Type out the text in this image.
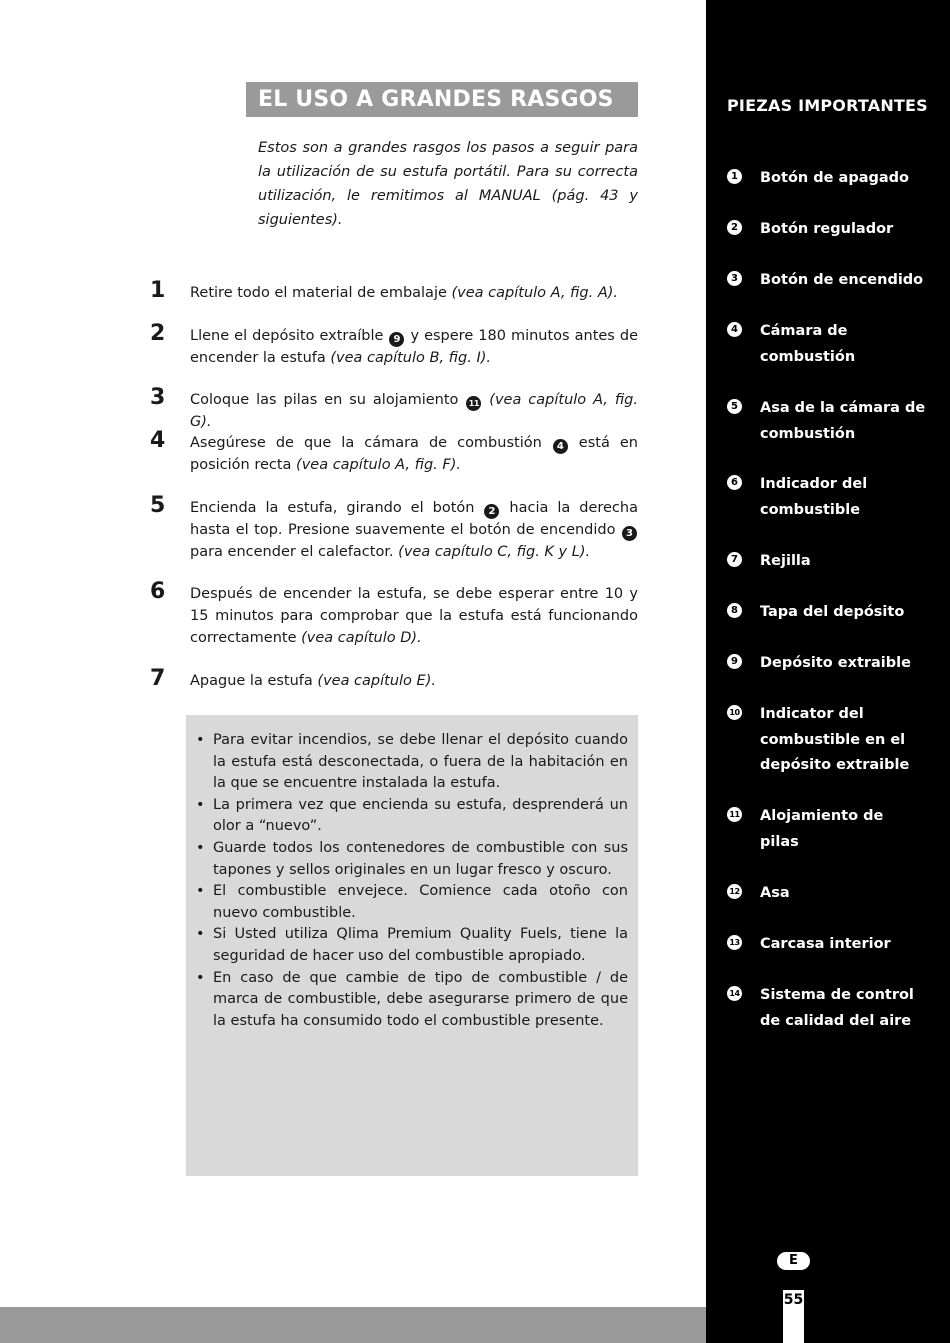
EL USO A GRANDES RASGOS

Estos son a grandes rasgos los pasos a seguir para la utilización de su estufa portátil. Para su correcta utilización, le remitimos al MANUAL (pág. 43 y siguientes).

1	Retire todo el material de embalaje (vea capítulo A, fig. A).
2	Llene el depósito extraíble 9 y espere 180 minutos antes de encender la estufa (vea capítulo B, fig. I).
3	Coloque las pilas en su alojamiento 11 (vea capítulo A, fig. G).
4	Asegúrese de que la cámara de combustión 4 está en posición recta (vea capítulo A, fig. F).
5	Encienda la estufa, girando el botón 2 hacia la derecha hasta el top. Presione suavemente el botón de encendido 3 para encender el calefactor. (vea capítulo C, fig. K y L).
6	Después de encender la estufa, se debe esperar entre 10 y 15 minutos para comprobar que la estufa está funcionando correctamente (vea capítulo D).
7	Apague la estufa (vea capítulo E).
• Para evitar incendios, se debe llenar el depósito cuando la estufa está desconectada, o fuera de la habitación en la que se encuentre instalada la estufa.
• La primera vez que encienda su estufa, desprenderá un olor a “nuevo”.
• Guarde todos los contenedores de combustible con sus tapones y sellos originales en un lugar fresco y oscuro.
• El combustible envejece. Comience cada otoño con nuevo combustible.
• Si Usted utiliza Qlima Premium Quality Fuels, tiene la seguridad de hacer uso del combustible apropiado.
• En caso de que cambie de tipo de combustible / de marca de combustible, debe asegurarse primero de que la estufa ha consumido todo el combustible presente.
PIEZAS IMPORTANTES
1 Botón de apagado
2 Botón regulador
3 Botón de encendido
4 Cámara de
combustión
5 Asa de la cámara de
combustión
6 Indicador del
combustible
7 Rejilla
8 Tapa del depósito
9 Depósito extraible
10 Indicator del
combustible en el
depósito extraible
11 Alojamiento de
pilas
12 Asa
13 Carcasa interior
14 Sistema de control
de calidad del aire
E
55
